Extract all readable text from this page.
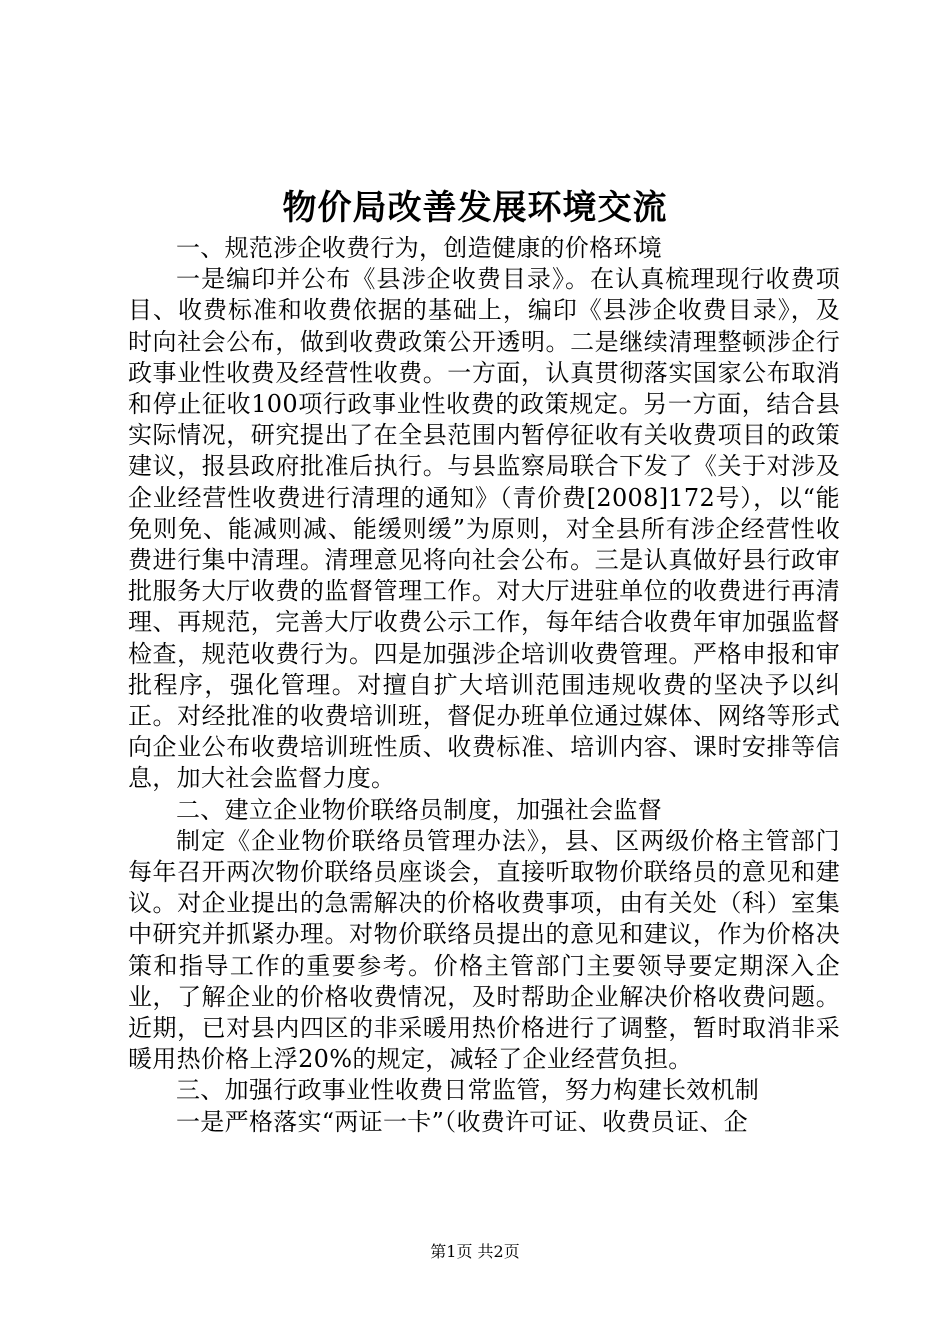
物价局改善发展环境交流

一、规范涉企收费行为，创造健康的价格环境

一是编印并公布《县涉企收费目录》。在认真梳理现行收费项目、收费标准和收费依据的基础上，编印《县涉企收费目录》，及时向社会公布，做到收费政策公开透明。二是继续清理整顿涉企行政事业性收费及经营性收费。一方面，认真贯彻落实国家公布取消和停止征收100项行政事业性收费的政策规定。另一方面，结合县实际情况，研究提出了在全县范围内暂停征收有关收费项目的政策建议，报县政府批准后执行。与县监察局联合下发了《关于对涉及企业经营性收费进行清理的通知》（青价费[2008]172号），以“能免则免、能减则减、能缓则缓”为原则，对全县所有涉企经营性收费进行集中清理。清理意见将向社会公布。三是认真做好县行政审批服务大厅收费的监督管理工作。对大厅进驻单位的收费进行再清理、再规范，完善大厅收费公示工作，每年结合收费年审加强监督检查，规范收费行为。四是加强涉企培训收费管理。严格申报和审批程序，强化管理。对擅自扩大培训范围违规收费的坚决予以纠正。对经批准的收费培训班，督促办班单位通过媒体、网络等形式向企业公布收费培训班性质、收费标准、培训内容、课时安排等信息，加大社会监督力度。

二、建立企业物价联络员制度，加强社会监督

制定《企业物价联络员管理办法》，县、区两级价格主管部门每年召开两次物价联络员座谈会，直接听取物价联络员的意见和建议。对企业提出的急需解决的价格收费事项，由有关处（科）室集中研究并抓紧办理。对物价联络员提出的意见和建议，作为价格决策和指导工作的重要参考。价格主管部门主要领导要定期深入企业，了解企业的价格收费情况，及时帮助企业解决价格收费问题。近期，已对县内四区的非采暖用热价格进行了调整，暂时取消非采暖用热价格上浮20%的规定，减轻了企业经营负担。

三、加强行政事业性收费日常监管，努力构建长效机制

一是严格落实“两证一卡”（收费许可证、收费员证、企

第1页 共2页
